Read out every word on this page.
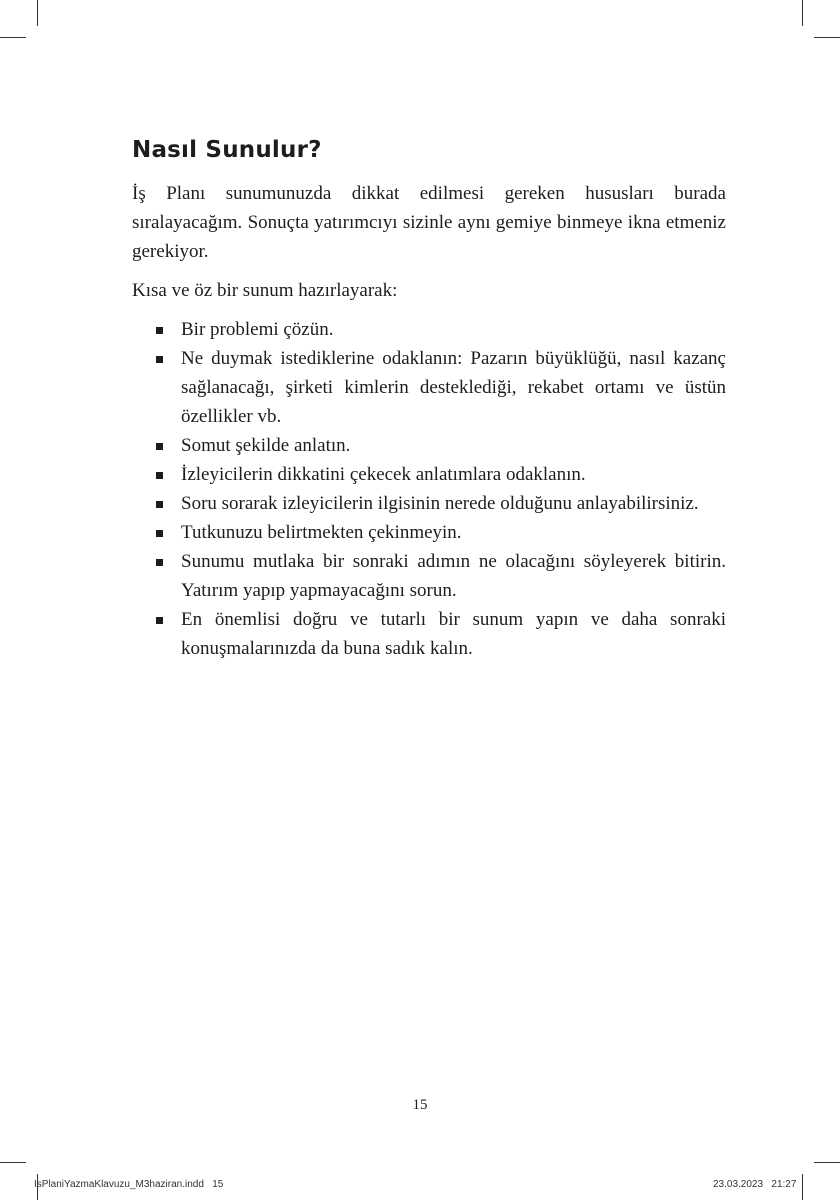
Nasıl Sunulur?

İş Planı sunumunuzda dikkat edilmesi gereken hususları burada sıralayacağım. Sonuçta yatırımcıyı sizinle aynı gemiye binmeye ikna etmeniz gerekiyor.

Kısa ve öz bir sunum hazırlayarak:

Bir problemi çözün.
Ne duymak istediklerine odaklanın: Pazarın büyüklüğü, nasıl kazanç sağlanacağı, şirketi kimlerin desteklediği, rekabet ortamı ve üstün özellikler vb.
Somut şekilde anlatın.
İzleyicilerin dikkatini çekecek anlatımlara odaklanın.
Soru sorarak izleyicilerin ilgisinin nerede olduğunu anlayabilirsiniz.
Tutkunuzu belirtmekten çekinmeyin.
Sunumu mutlaka bir sonraki adımın ne olacağını söyleyerek bitirin. Yatırım yapıp yapmayacağını sorun.
En önemlisi doğru ve tutarlı bir sunum yapın ve daha sonraki konuşmalarınızda da buna sadık kalın.
15
IsPlaniYazmaKlavuzu_M3haziran.indd   15	23.03.2023   21:27
